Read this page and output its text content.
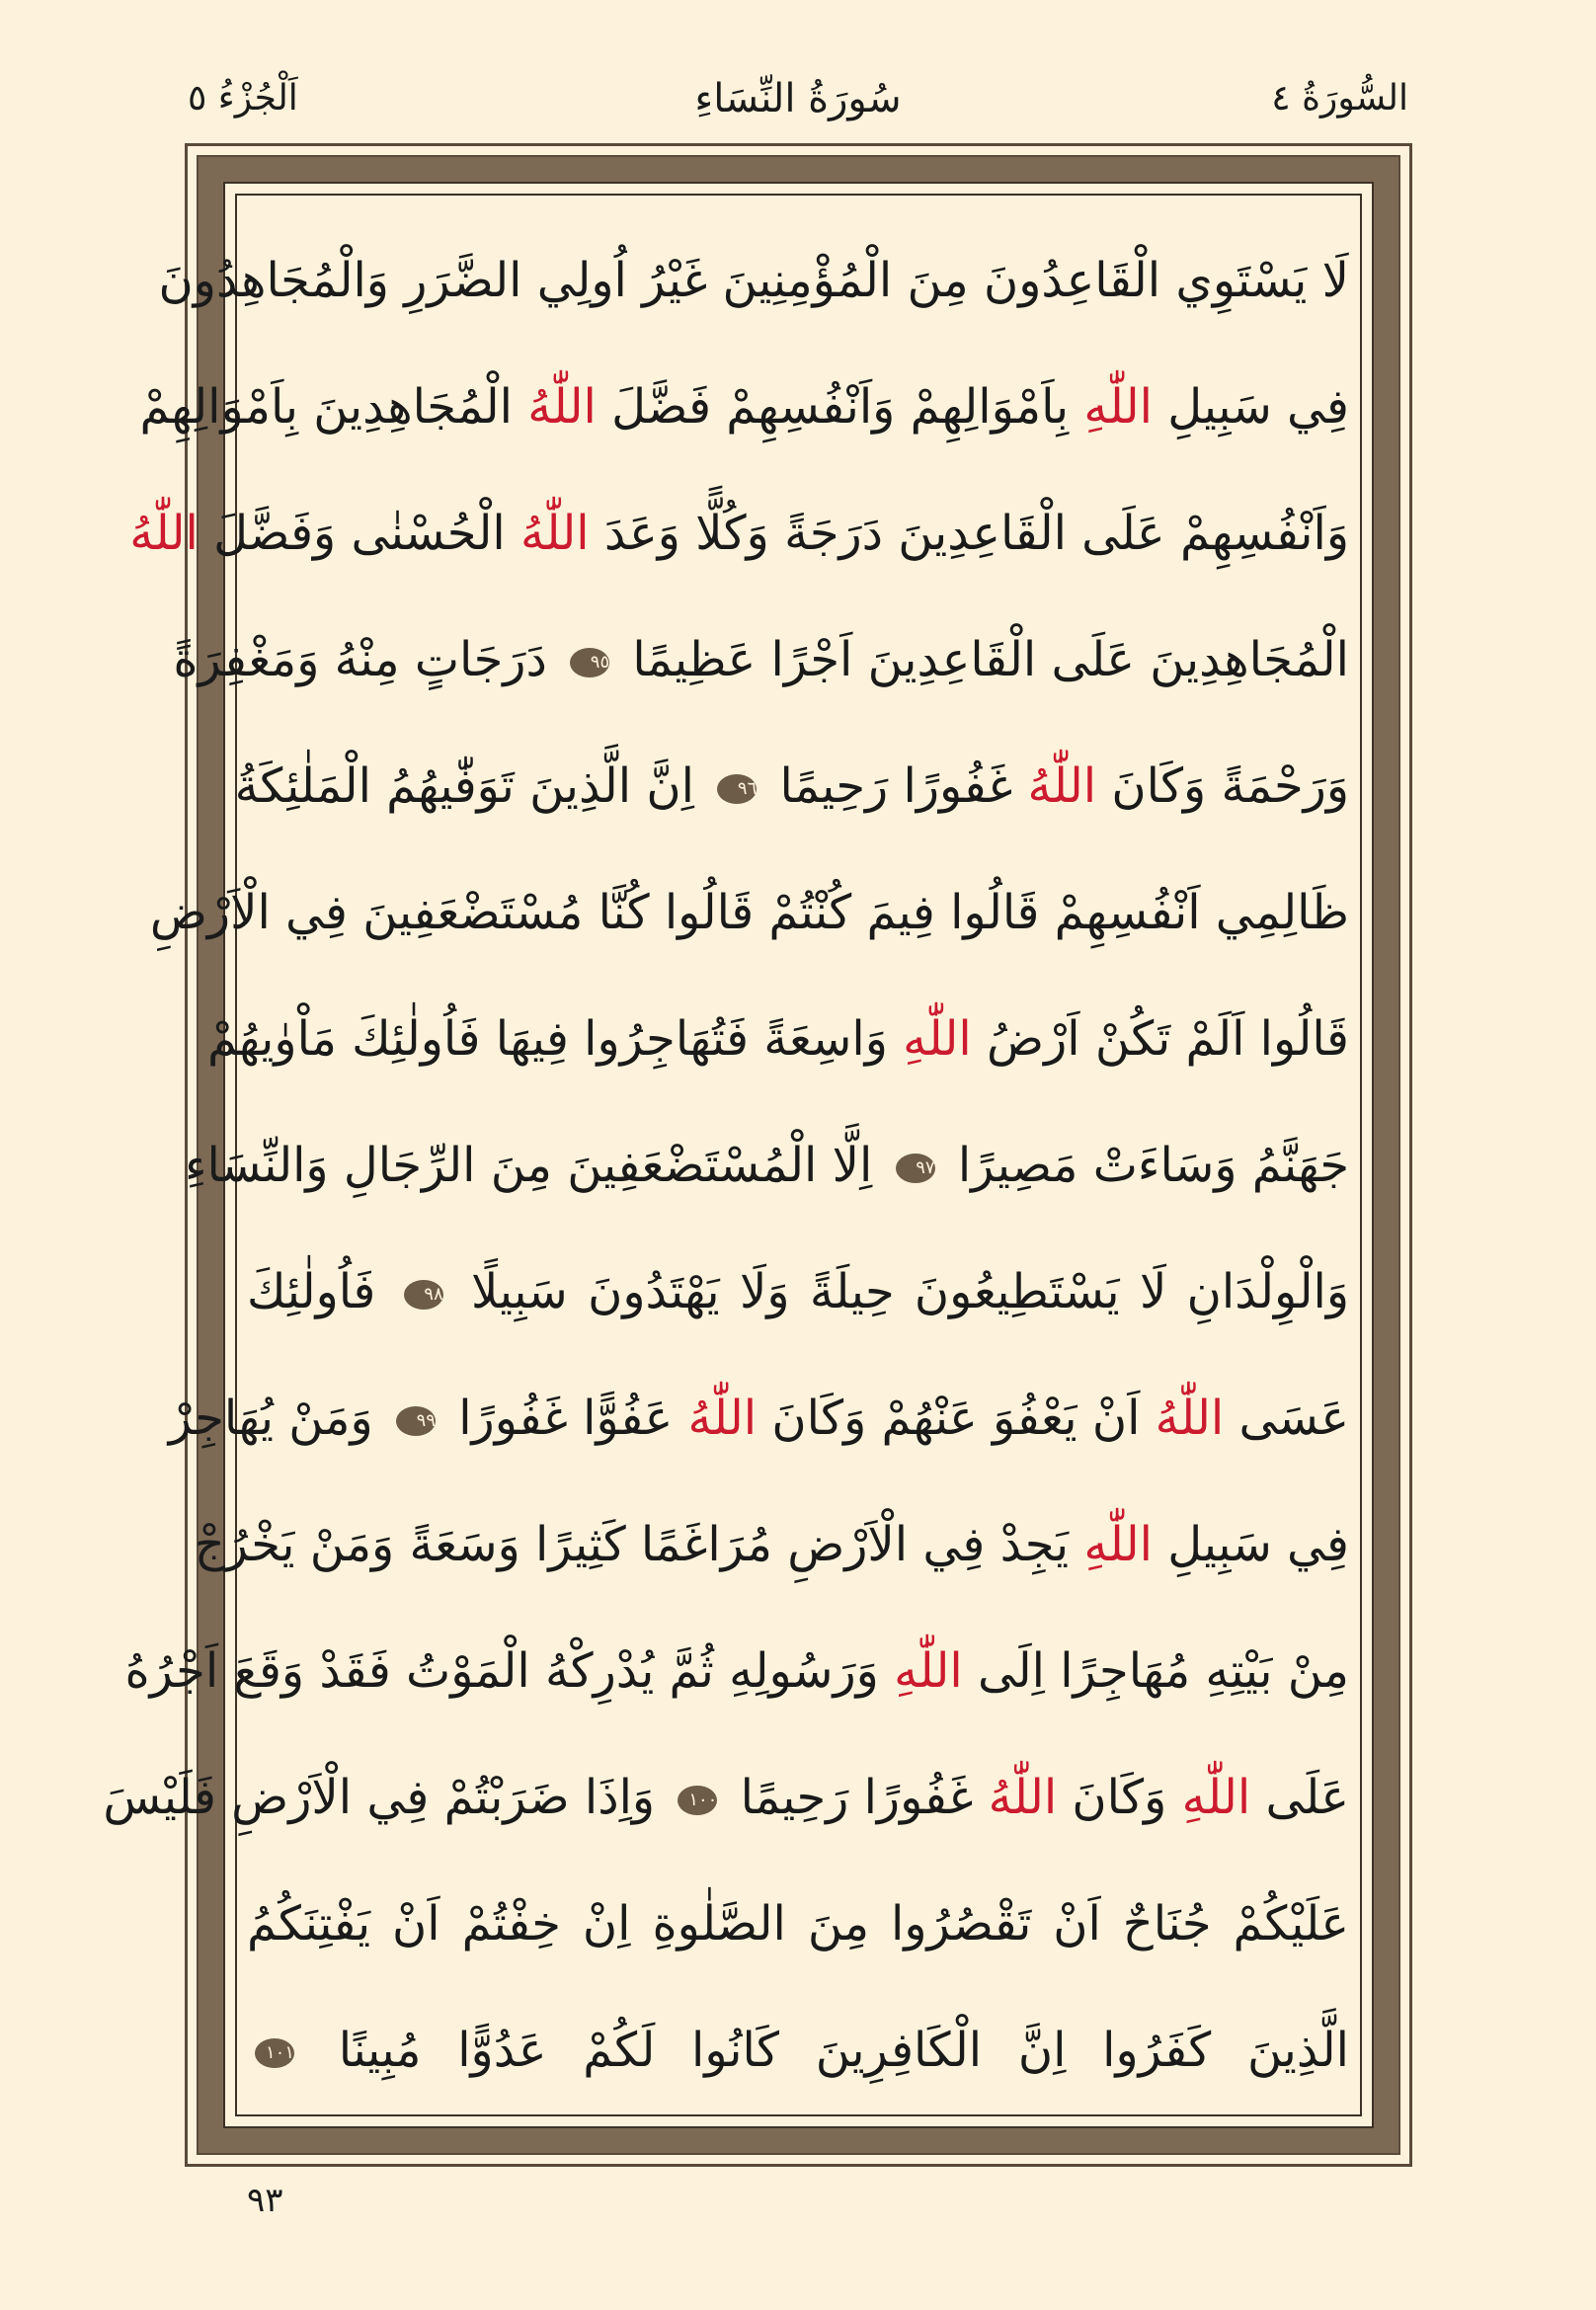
السُّورَةُ ٤
سُورَةُ النِّسَاءِ
اَلْجُزْءُ ٥
لَا يَسْتَوِي الْقَاعِدُونَ مِنَ الْمُؤْمِنِينَ غَيْرُ اُولِي الضَّرَرِ وَالْمُجَاهِدُونَ
فِي سَبِيلِ اللّٰهِ بِاَمْوَالِهِمْ وَاَنْفُسِهِمْ فَضَّلَ اللّٰهُ الْمُجَاهِدِينَ بِاَمْوَالِهِمْ
وَاَنْفُسِهِمْ عَلَى الْقَاعِدِينَ دَرَجَةً وَكُلًّا وَعَدَ اللّٰهُ الْحُسْنٰى وَفَضَّلَ اللّٰهُ
الْمُجَاهِدِينَ عَلَى الْقَاعِدِينَ اَجْرًا عَظِيمًا ٩٥ دَرَجَاتٍ مِنْهُ وَمَغْفِرَةً
وَرَحْمَةً وَكَانَ اللّٰهُ غَفُورًا رَحِيمًا ٩٦ اِنَّ الَّذِينَ تَوَفّٰيهُمُ الْمَلٰئِكَةُ
ظَالِمِي اَنْفُسِهِمْ قَالُوا فِيمَ كُنْتُمْ قَالُوا كُنَّا مُسْتَضْعَفِينَ فِي الْاَرْضِ
قَالُوا اَلَمْ تَكُنْ اَرْضُ اللّٰهِ وَاسِعَةً فَتُهَاجِرُوا فِيهَا فَاُولٰئِكَ مَاْوٰيهُمْ
جَهَنَّمُ وَسَاءَتْ مَصِيرًا ٩٧ اِلَّا الْمُسْتَضْعَفِينَ مِنَ الرِّجَالِ وَالنِّسَاءِ
وَالْوِلْدَانِ لَا يَسْتَطِيعُونَ حِيلَةً وَلَا يَهْتَدُونَ سَبِيلًا ٩٨ فَاُولٰئِكَ
عَسَى اللّٰهُ اَنْ يَعْفُوَ عَنْهُمْ وَكَانَ اللّٰهُ عَفُوًّا غَفُورًا ٩٩ وَمَنْ يُهَاجِرْ
فِي سَبِيلِ اللّٰهِ يَجِدْ فِي الْاَرْضِ مُرَاغَمًا كَثِيرًا وَسَعَةً وَمَنْ يَخْرُجْ
مِنْ بَيْتِهِ مُهَاجِرًا اِلَى اللّٰهِ وَرَسُولِهِ ثُمَّ يُدْرِكْهُ الْمَوْتُ فَقَدْ وَقَعَ اَجْرُهُ
عَلَى اللّٰهِ وَكَانَ اللّٰهُ غَفُورًا رَحِيمًا ١٠٠ وَاِذَا ضَرَبْتُمْ فِي الْاَرْضِ فَلَيْسَ
عَلَيْكُمْ جُنَاحٌ اَنْ تَقْصُرُوا مِنَ الصَّلٰوةِ اِنْ خِفْتُمْ اَنْ يَفْتِنَكُمُ
الَّذِينَ كَفَرُوا اِنَّ الْكَافِرِينَ كَانُوا لَكُمْ عَدُوًّا مُبِينًا ١٠١
٩٣
